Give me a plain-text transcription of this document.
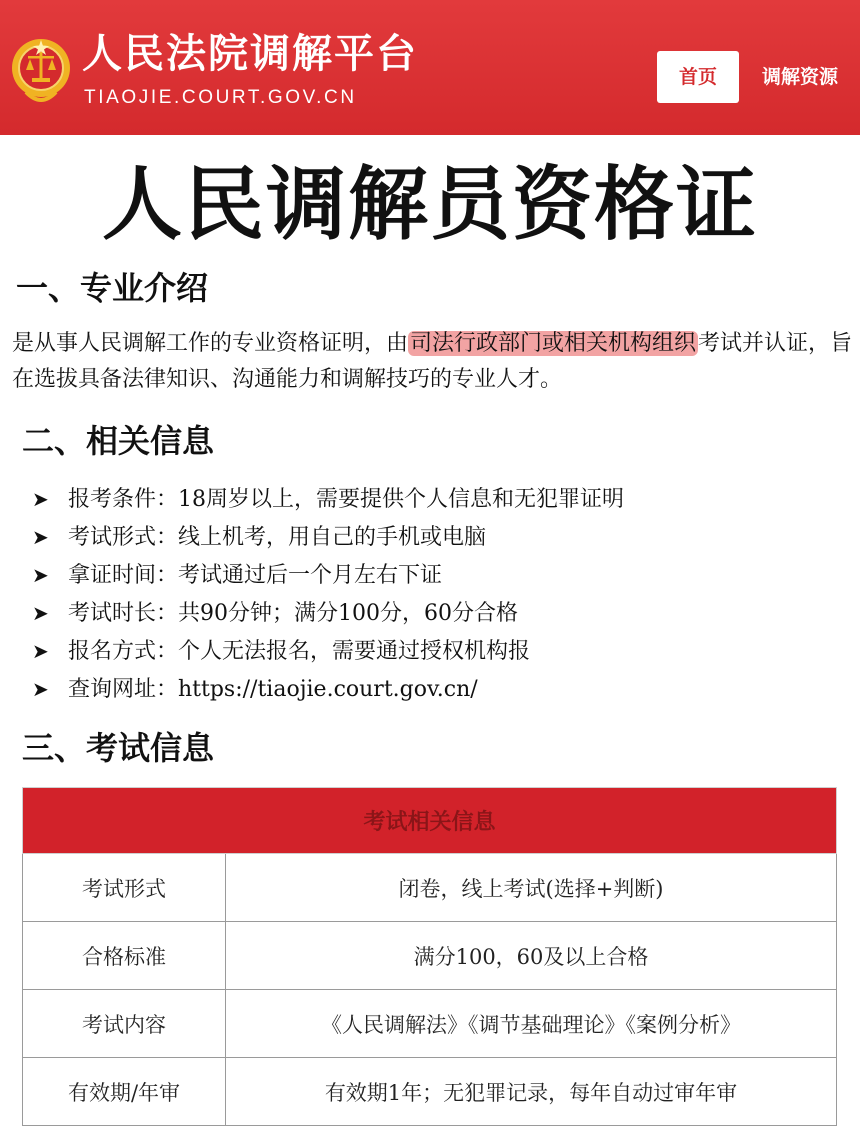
人民法院调解平台
TIAOJIE.COURT.GOV.CN
首页	调解资源
人民调解员资格证
一、专业介绍

是从事人民调解工作的专业资格证明，由司法行政部门或相关机构组织考试并认证，旨在选拔具备法律知识、沟通能力和调解技巧的专业人才。

二、相关信息
➤ 报考条件：18周岁以上，需要提供个人信息和无犯罪证明
➤ 考试形式：线上机考，用自己的手机或电脑
➤ 拿证时间：考试通过后一个月左右下证
➤ 考试时长：共90分钟；满分100分，60分合格
➤ 报名方式：个人无法报名，需要通过授权机构报
➤ 查询网址：https://tiaojie.court.gov.cn/
三、考试信息
考试相关信息	
考试形式	闭卷，线上考试(选择+判断)
合格标准	满分100，60及以上合格
考试内容	《人民调解法》《调节基础理论》《案例分析》
有效期/年审	有效期1年；无犯罪记录，每年自动过审年审
